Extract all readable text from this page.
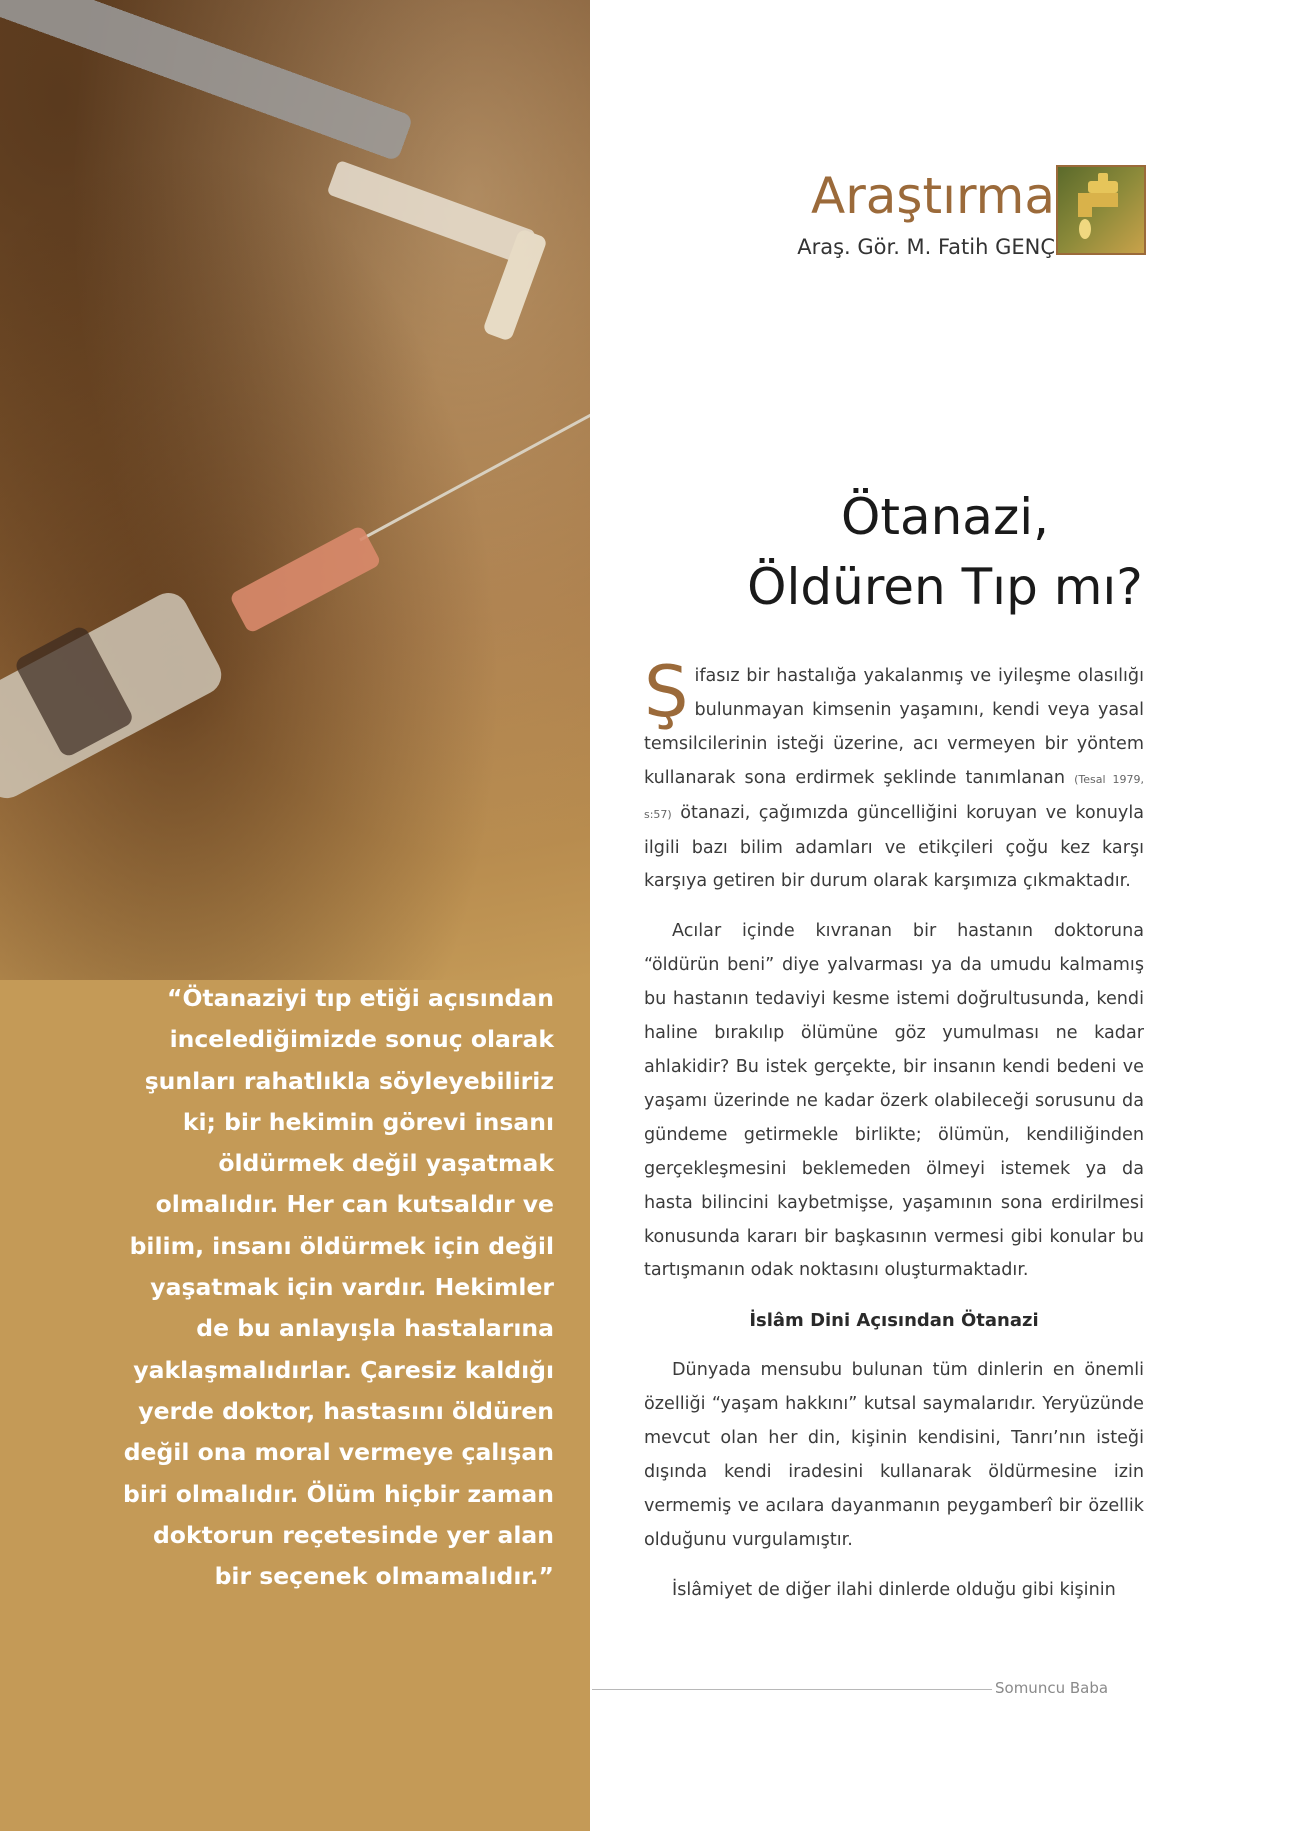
“Ötanaziyi tıp etiği açısından incelediğimizde sonuç olarak şunları rahatlıkla söyleyebiliriz ki; bir hekimin görevi insanı öldürmek değil yaşatmak olmalıdır. Her can kutsaldır ve bilim, insanı öldürmek için değil yaşatmak için vardır. Hekimler de bu anlayışla hastalarına yaklaşmalıdırlar. Çaresiz kaldığı yerde doktor, hastasını öldüren değil ona moral vermeye çalışan biri olmalıdır. Ölüm hiçbir zaman doktorun reçetesinde yer alan bir seçenek olmamalıdır.”

Araştırma

Araş. Gör. M. Fatih GENÇ

Ötanazi,
Öldüren Tıp mı?

Şifasız bir hastalığa yakalanmış ve iyileşme olasılığı bulunmayan kimsenin yaşamını, kendi veya yasal temsilcilerinin isteği üzerine, acı vermeyen bir yöntem kullanarak sona erdirmek şeklinde tanımlanan (Tesal 1979, s:57) ötanazi, çağımızda güncelliğini koruyan ve konuyla ilgili bazı bilim adamları ve etikçileri çoğu kez karşı karşıya getiren bir durum olarak karşımıza çıkmaktadır.

Acılar içinde kıvranan bir hastanın doktoruna “öldürün beni” diye yalvarması ya da umudu kalmamış bu hastanın tedaviyi kesme istemi doğrultusunda, kendi haline bırakılıp ölümüne göz yumulması ne kadar ahlakidir? Bu istek gerçekte, bir insanın kendi bedeni ve yaşamı üzerinde ne kadar özerk olabileceği sorusunu da gündeme getirmekle birlikte; ölümün, kendiliğinden gerçekleşmesini beklemeden ölmeyi istemek ya da hasta bilincini kaybetmişse, yaşamının sona erdirilmesi konusunda kararı bir başkasının vermesi gibi konular bu tartışmanın odak noktasını oluşturmaktadır.

İslâm Dini Açısından Ötanazi

Dünyada mensubu bulunan tüm dinlerin en önemli özelliği “yaşam hakkını” kutsal saymalarıdır. Yeryüzünde mevcut olan her din, kişinin kendisini, Tanrı’nın isteği dışında kendi iradesini kullanarak öldürmesine izin vermemiş ve acılara dayanmanın peygamberî bir özellik olduğunu vurgulamıştır.

İslâmiyet de diğer ilahi dinlerde olduğu gibi kişinin

Somuncu Baba
